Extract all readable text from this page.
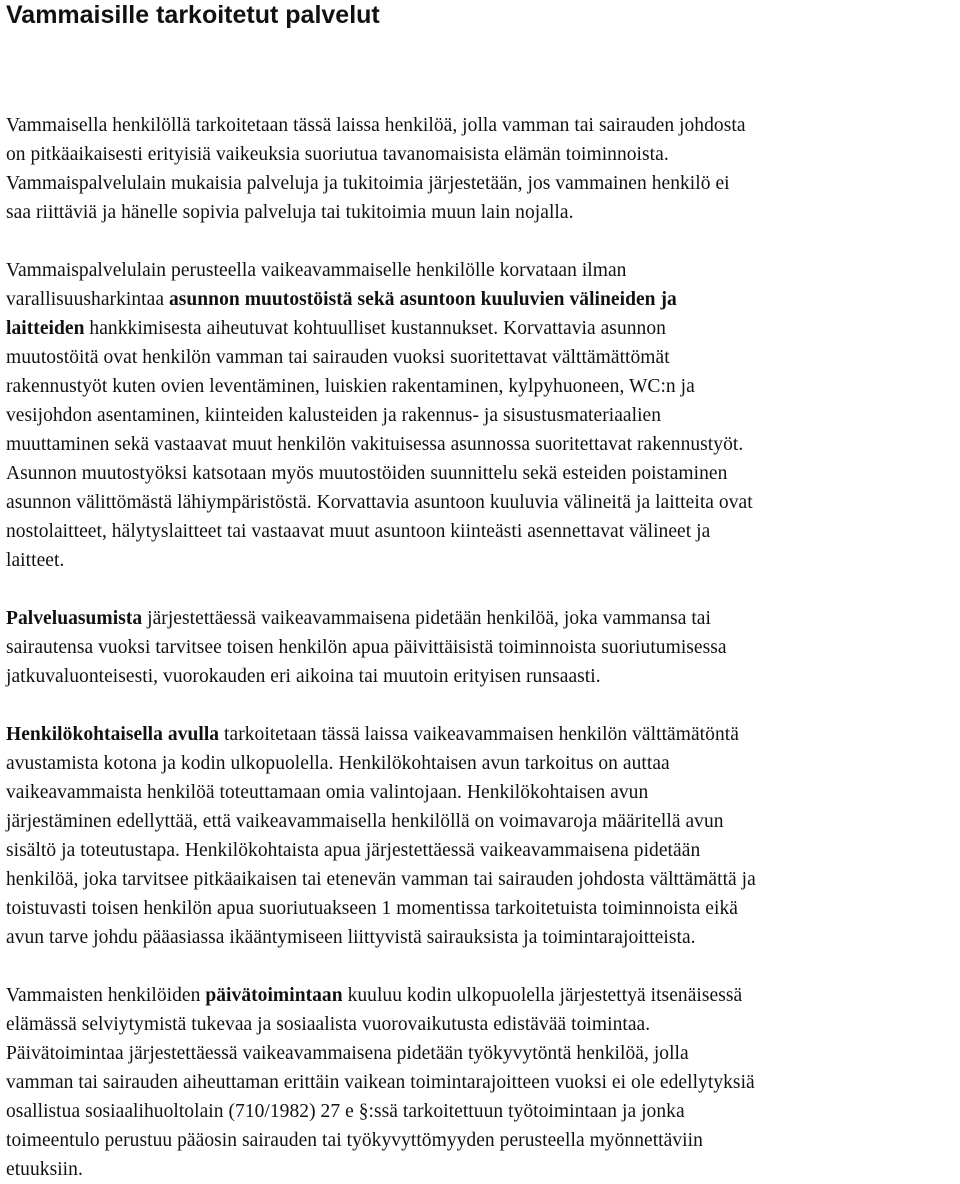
Vammaisille tarkoitetut palvelut

Vammaisella henkilöllä tarkoitetaan tässä laissa henkilöä, jolla vamman tai sairauden johdosta
on pitkäaikaisesti erityisiä vaikeuksia suoriutua tavanomaisista elämän toiminnoista.
Vammaispalvelulain mukaisia palveluja ja tukitoimia järjestetään, jos vammainen henkilö ei
saa riittäviä ja hänelle sopivia palveluja tai tukitoimia muun lain nojalla.

Vammaispalvelulain perusteella vaikeavammaiselle henkilölle korvataan ilman
varallisuusharkintaa asunnon muutostöistä sekä asuntoon kuuluvien välineiden ja
laitteiden hankkimisesta aiheutuvat kohtuulliset kustannukset. Korvattavia asunnon
muutostöitä ovat henkilön vamman tai sairauden vuoksi suoritettavat välttämättömät
rakennustyöt kuten ovien leventäminen, luiskien rakentaminen, kylpyhuoneen, WC:n ja
vesijohdon asentaminen, kiinteiden kalusteiden ja rakennus- ja sisustusmateriaalien
muuttaminen sekä vastaavat muut henkilön vakituisessa asunnossa suoritettavat rakennustyöt.
Asunnon muutostyöksi katsotaan myös muutostöiden suunnittelu sekä esteiden poistaminen
asunnon välittömästä lähiympäristöstä. Korvattavia asuntoon kuuluvia välineitä ja laitteita ovat
nostolaitteet, hälytyslaitteet tai vastaavat muut asuntoon kiinteästi asennettavat välineet ja
laitteet.

Palveluasumista järjestettäessä vaikeavammaisena pidetään henkilöä, joka vammansa tai
sairautensa vuoksi tarvitsee toisen henkilön apua päivittäisistä toiminnoista suoriutumisessa
jatkuvaluonteisesti, vuorokauden eri aikoina tai muutoin erityisen runsaasti.

Henkilökohtaisella avulla tarkoitetaan tässä laissa vaikeavammaisen henkilön välttämätöntä
avustamista kotona ja kodin ulkopuolella. Henkilökohtaisen avun tarkoitus on auttaa
vaikeavammaista henkilöä toteuttamaan omia valintojaan. Henkilökohtaisen avun
järjestäminen edellyttää, että vaikeavammaisella henkilöllä on voimavaroja määritellä avun
sisältö ja toteutustapa. Henkilökohtaista apua järjestettäessä vaikeavammaisena pidetään
henkilöä, joka tarvitsee pitkäaikaisen tai etenevän vamman tai sairauden johdosta välttämättä ja
toistuvasti toisen henkilön apua suoriutuakseen 1 momentissa tarkoitetuista toiminnoista eikä
avun tarve johdu pääasiassa ikääntymiseen liittyvistä sairauksista ja toimintarajoitteista.

Vammaisten henkilöiden päivätoimintaan kuuluu kodin ulkopuolella järjestettyä itsenäisessä
elämässä selviytymistä tukevaa ja sosiaalista vuorovaikutusta edistävää toimintaa.
Päivätoimintaa järjestettäessä vaikeavammaisena pidetään työkyvytöntä henkilöä, jolla
vamman tai sairauden aiheuttaman erittäin vaikean toimintarajoitteen vuoksi ei ole edellytyksiä
osallistua sosiaalihuoltolain (710/1982) 27 e §:ssä tarkoitettuun työtoimintaan ja jonka
toimeentulo perustuu pääosin sairauden tai työkyvyttömyyden perusteella myönnettäviin
etuuksiin.
